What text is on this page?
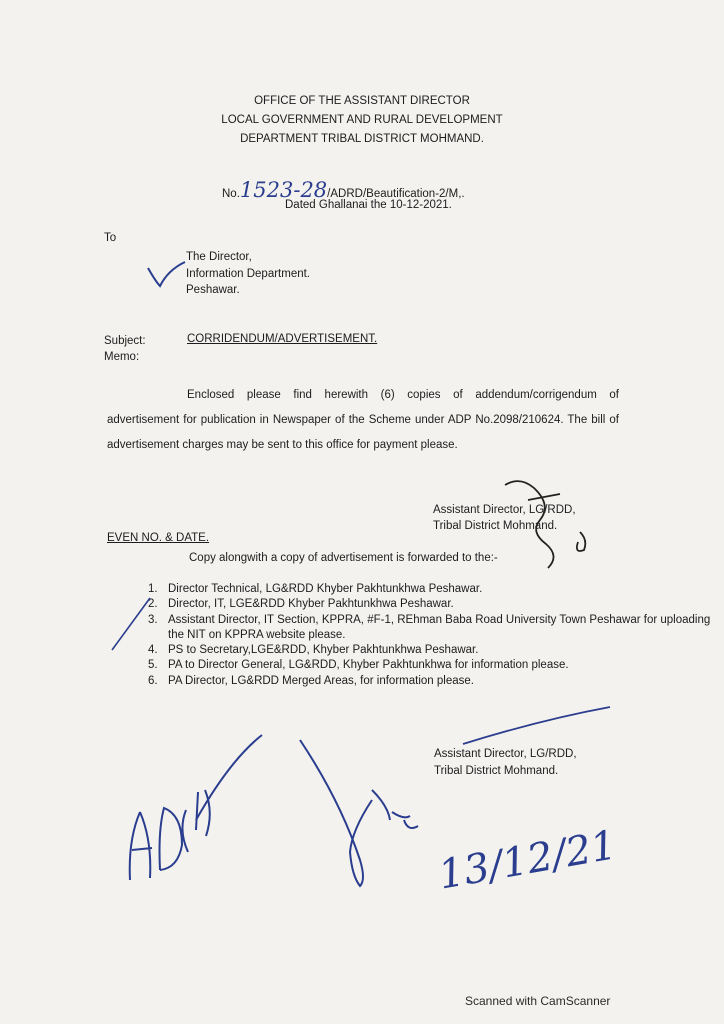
OFFICE OF THE ASSISTANT DIRECTOR
LOCAL GOVERNMENT AND RURAL DEVELOPMENT
DEPARTMENT TRIBAL DISTRICT MOHMAND.
No.1523-28/ADRD/Beautification-2/M,.
Dated Ghallanai the 10-12-2021.
To
The Director,
Information Department.
Peshawar.
Subject:
Memo:
CORRIDENDUM/ADVERTISEMENT.
Enclosed please find herewith (6) copies of addendum/corrigendum of advertisement for publication in Newspaper of the Scheme under ADP No.2098/210624. The bill of advertisement charges may be sent to this office for payment please.
Assistant Director, LG/RDD,
Tribal District Mohmand.
EVEN NO. & DATE.
Copy alongwith a copy of advertisement is forwarded to the:-
1. Director Technical, LG&RDD Khyber Pakhtunkhwa Peshawar.
2. Director, IT, LGE&RDD Khyber Pakhtunkhwa Peshawar.
3. Assistant Director, IT Section, KPPRA, #F-1, REhman Baba Road University Town Peshawar for uploading the NIT on KPPRA website please.
4. PS to Secretary,LGE&RDD, Khyber Pakhtunkhwa Peshawar.
5. PA to Director General, LG&RDD, Khyber Pakhtunkhwa for information please.
6. PA Director, LG&RDD Merged Areas, for information please.
Assistant Director, LG/RDD,
Tribal District Mohmand.
13/12/21
Scanned with CamScanner
